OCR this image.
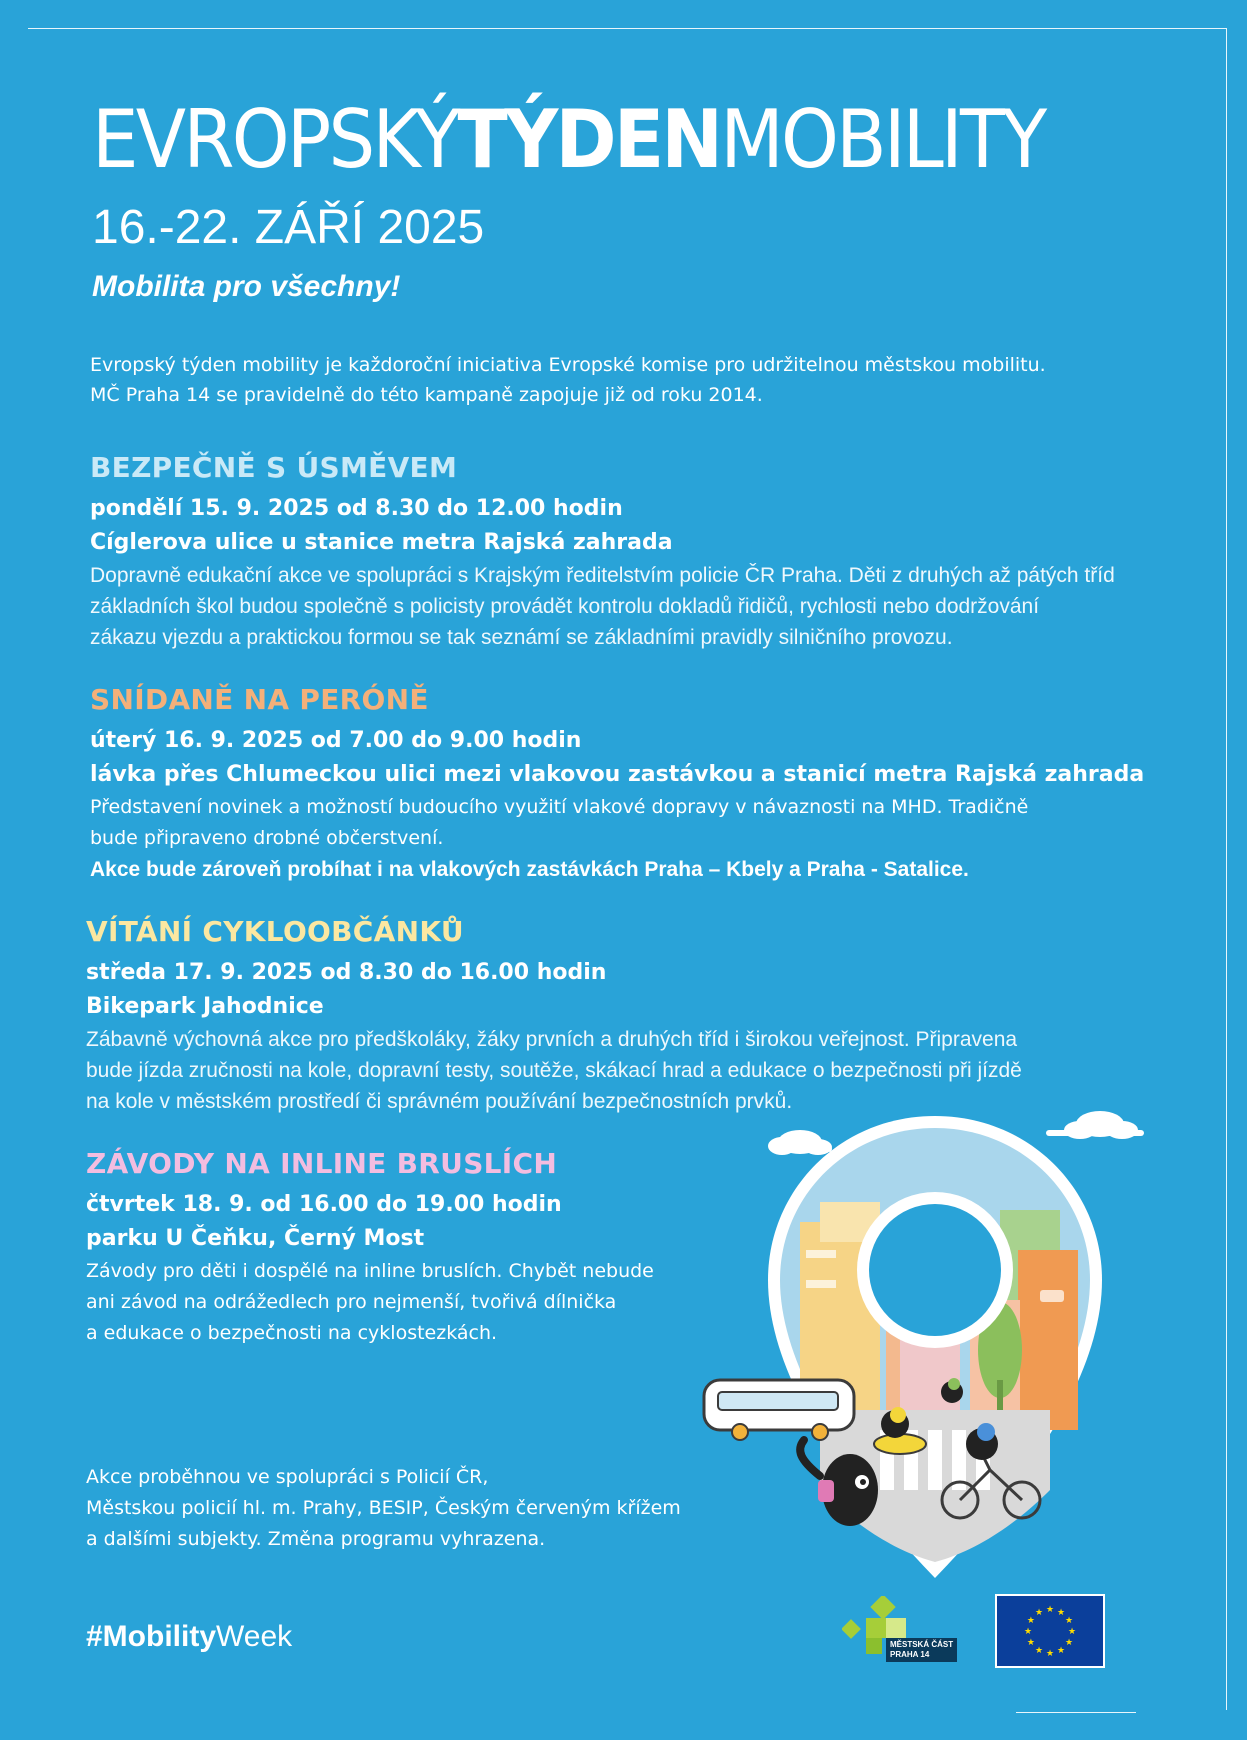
EVROPSKÝTÝDENMOBILITY
16.-22. ZÁŘÍ 2025
Mobilita pro všechny!

Evropský týden mobility je každoroční iniciativa Evropské komise pro udržitelnou městskou mobilitu.

MČ Praha 14 se pravidelně do této kampaně zapojuje již od roku 2014.

BEZPEČNĚ S ÚSMĚVEM
pondělí 15. 9. 2025 od 8.30 do 12.00 hodin
Cíglerova ulice u stanice metra Rajská zahrada

Dopravně edukační akce ve spolupráci s Krajským ředitelstvím policie ČR Praha. Děti z druhých až pátých tříd

základních škol budou společně s policisty provádět kontrolu dokladů řidičů, rychlosti nebo dodržování

zákazu vjezdu a praktickou formou se tak seznámí se základními pravidly silničního provozu.

SNÍDANĚ NA PERÓNĚ
úterý 16. 9. 2025 od 7.00 do 9.00 hodin
lávka přes Chlumeckou ulici mezi vlakovou zastávkou a stanicí metra Rajská zahrada

Představení novinek a možností budoucího využití vlakové dopravy v návaznosti na MHD. Tradičně

bude připraveno drobné občerstvení.

Akce bude zároveň probíhat i na vlakových zastávkách Praha – Kbely a Praha - Satalice.
VÍTÁNÍ CYKLOOBČÁNKŮ
středa 17. 9. 2025 od 8.30 do 16.00 hodin
Bikepark Jahodnice

Zábavně výchovná akce pro předškoláky, žáky prvních a druhých tříd i širokou veřejnost. Připravena

bude jízda zručnosti na kole, dopravní testy, soutěže, skákací hrad a edukace o bezpečnosti při jízdě

na kole v městském prostředí či správném používání bezpečnostních prvků.

ZÁVODY NA INLINE BRUSLÍCH
čtvrtek 18. 9. od 16.00 do 19.00 hodin
parku U Čeňku, Černý Most

Závody pro děti i dospělé na inline bruslích. Chybět nebude

ani závod na odrážedlech pro nejmenší, tvořivá dílnička

a edukace o bezpečnosti na cyklostezkách.

Akce proběhnou ve spolupráci s Policií ČR,

Městskou policií hl. m. Prahy, BESIP, Českým červeným křížem

a dalšími subjekty. Změna programu vyhrazena.

#MobilityWeek	MĚSTSKÁ ČÁST
PRAHA 14
★ ★
★
★
★
★
★
★
★
★
★
★
